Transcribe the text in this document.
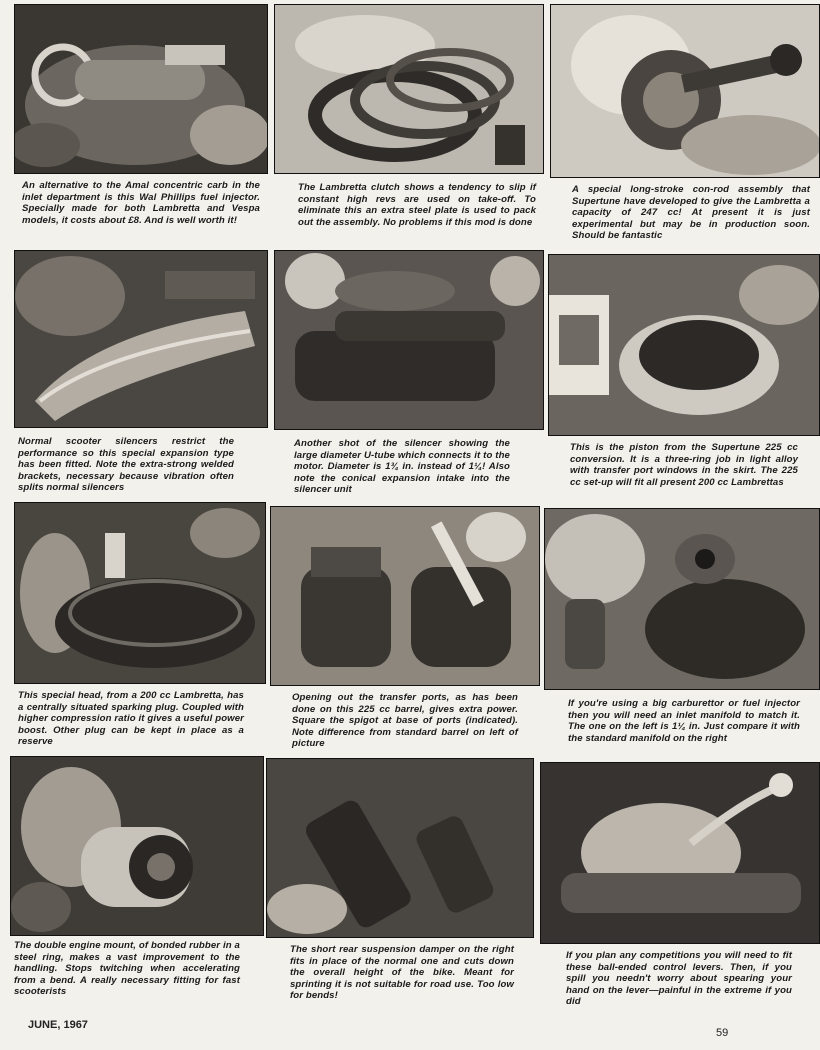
An alternative to the Amal concentric carb in the inlet department is this Wal Phillips fuel injector. Specially made for both Lambretta and Vespa models, it costs about £8. And is well worth it!
The Lambretta clutch shows a tendency to slip if constant high revs are used on take-off. To eliminate this an extra steel plate is used to pack out the assembly. No problems if this mod is done
A special long-stroke con-rod assembly that Supertune have developed to give the Lambretta a capacity of 247 cc! At present it is just experimental but may be in production soon. Should be fantastic
Normal scooter silencers restrict the performance so this special expansion type has been fitted. Note the extra-strong welded brackets, necessary because vibration often splits normal silencers
Another shot of the silencer showing the large diameter U-tube which connects it to the motor. Diameter is 1¾ in. instead of 1¼! Also note the conical expansion intake into the silencer unit
This is the piston from the Supertune 225 cc conversion. It is a three-ring job in light alloy with transfer port windows in the skirt. The 225 cc set-up will fit all present 200 cc Lambrettas
This special head, from a 200 cc Lambretta, has a centrally situated sparking plug. Coupled with higher compression ratio it gives a useful power boost. Other plug can be kept in place as a reserve
Opening out the transfer ports, as has been done on this 225 cc barrel, gives extra power. Square the spigot at base of ports (indicated). Note difference from standard barrel on left of picture
If you're using a big carburettor or fuel injector then you will need an inlet manifold to match it. The one on the left is 1¼ in. Just compare it with the standard manifold on the right
The double engine mount, of bonded rubber in a steel ring, makes a vast improvement to the handling. Stops twitching when accelerating from a bend. A really necessary fitting for fast scooterists
The short rear suspension damper on the right fits in place of the normal one and cuts down the overall height of the bike. Meant for sprinting it is not suitable for road use. Too low for bends!
If you plan any competitions you will need to fit these ball-ended control levers. Then, if you spill you needn't worry about spearing your hand on the lever—painful in the extreme if you did
JUNE, 1967
59
